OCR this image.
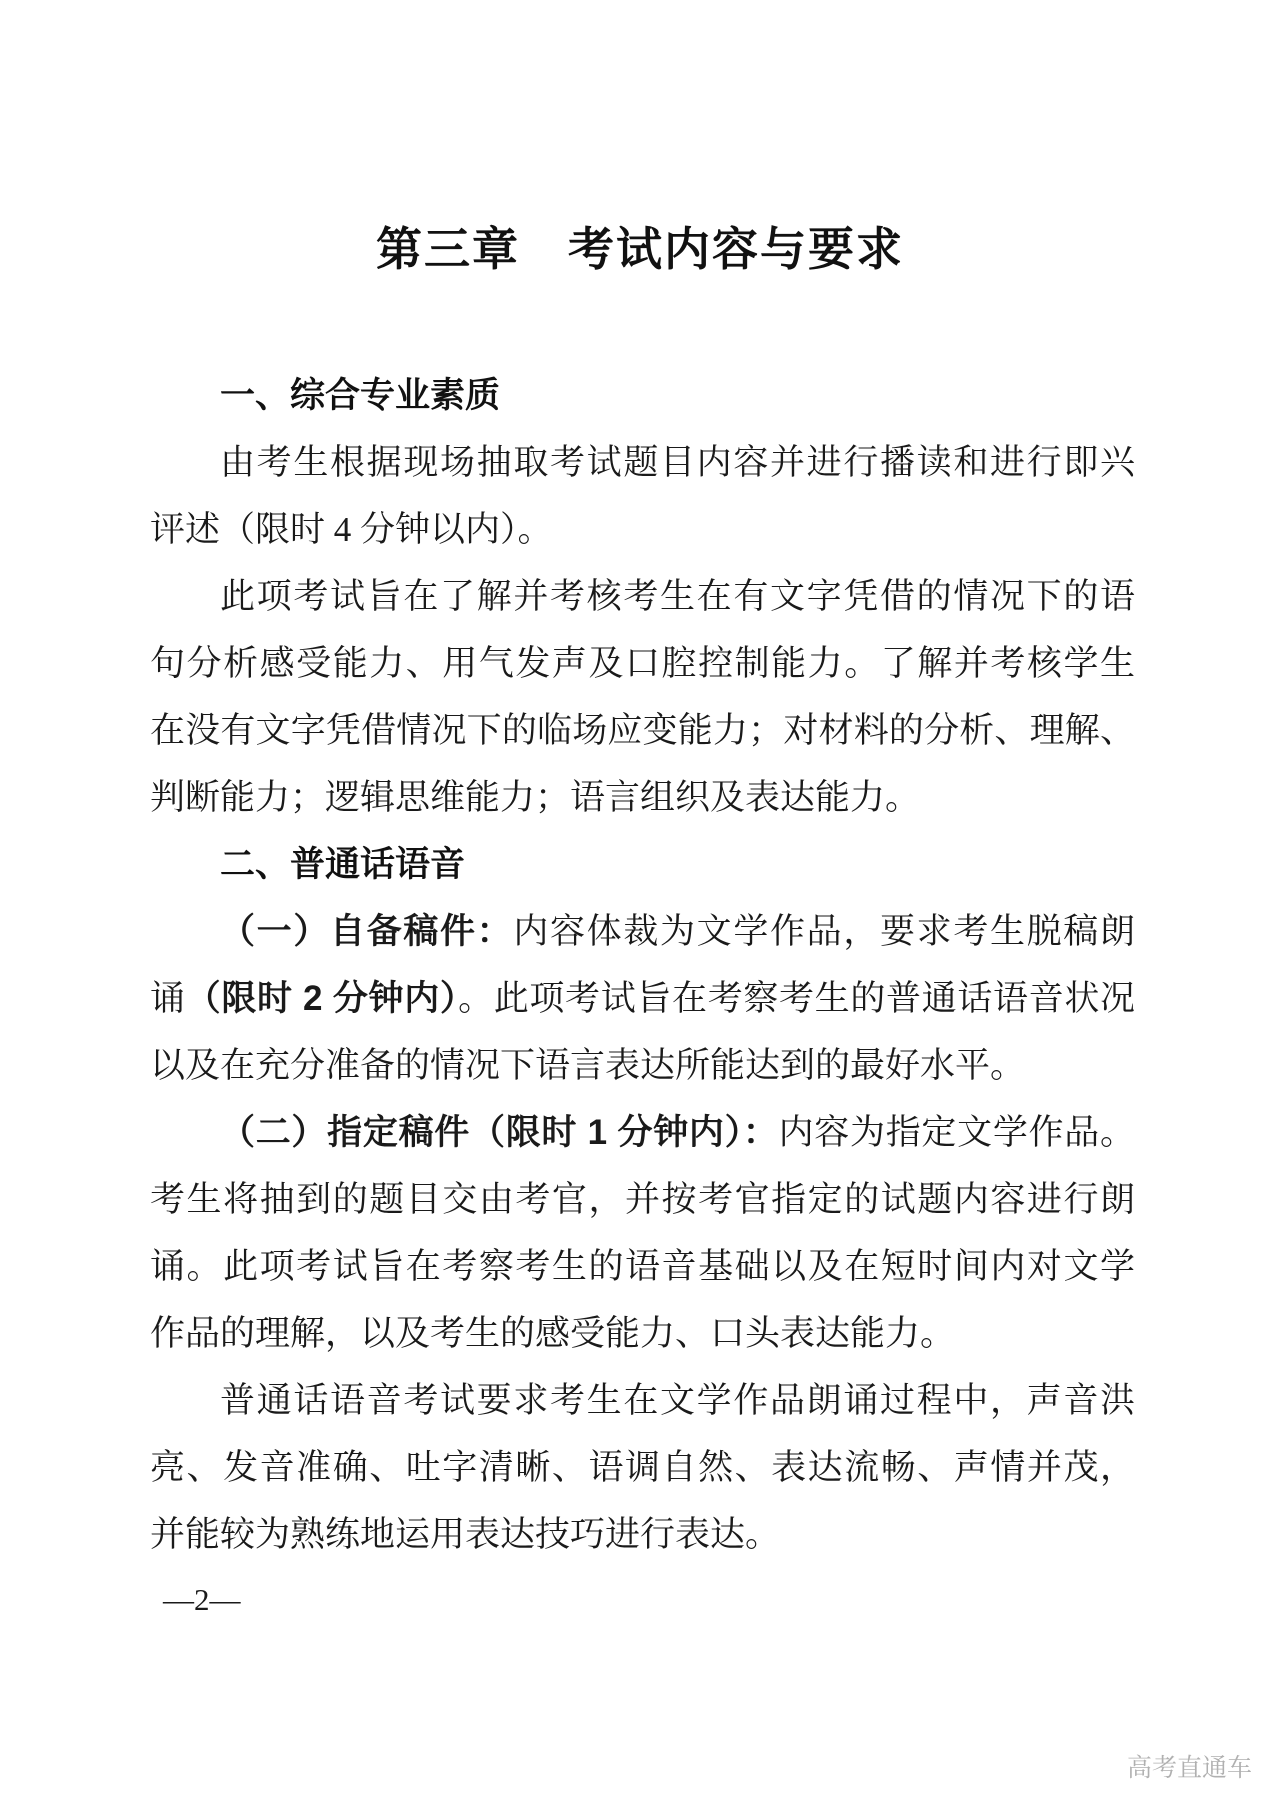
第三章　考试内容与要求
一、综合专业素质
由考生根据现场抽取考试题目内容并进行播读和进行即兴
评述（限时 4 分钟以内）。
此项考试旨在了解并考核考生在有文字凭借的情况下的语
句分析感受能力、用气发声及口腔控制能力。了解并考核学生
在没有文字凭借情况下的临场应变能力；对材料的分析、理解、
判断能力；逻辑思维能力；语言组织及表达能力。
二、普通话语音
（一）自备稿件：内容体裁为文学作品，要求考生脱稿朗
诵（限时 2 分钟内）。此项考试旨在考察考生的普通话语音状况
以及在充分准备的情况下语言表达所能达到的最好水平。
（二）指定稿件（限时 1 分钟内）：内容为指定文学作品。
考生将抽到的题目交由考官，并按考官指定的试题内容进行朗
诵。此项考试旨在考察考生的语音基础以及在短时间内对文学
作品的理解，以及考生的感受能力、口头表达能力。
普通话语音考试要求考生在文学作品朗诵过程中，声音洪
亮、发音准确、吐字清晰、语调自然、表达流畅、声情并茂，
并能较为熟练地运用表达技巧进行表达。
—2—
高考直通车
